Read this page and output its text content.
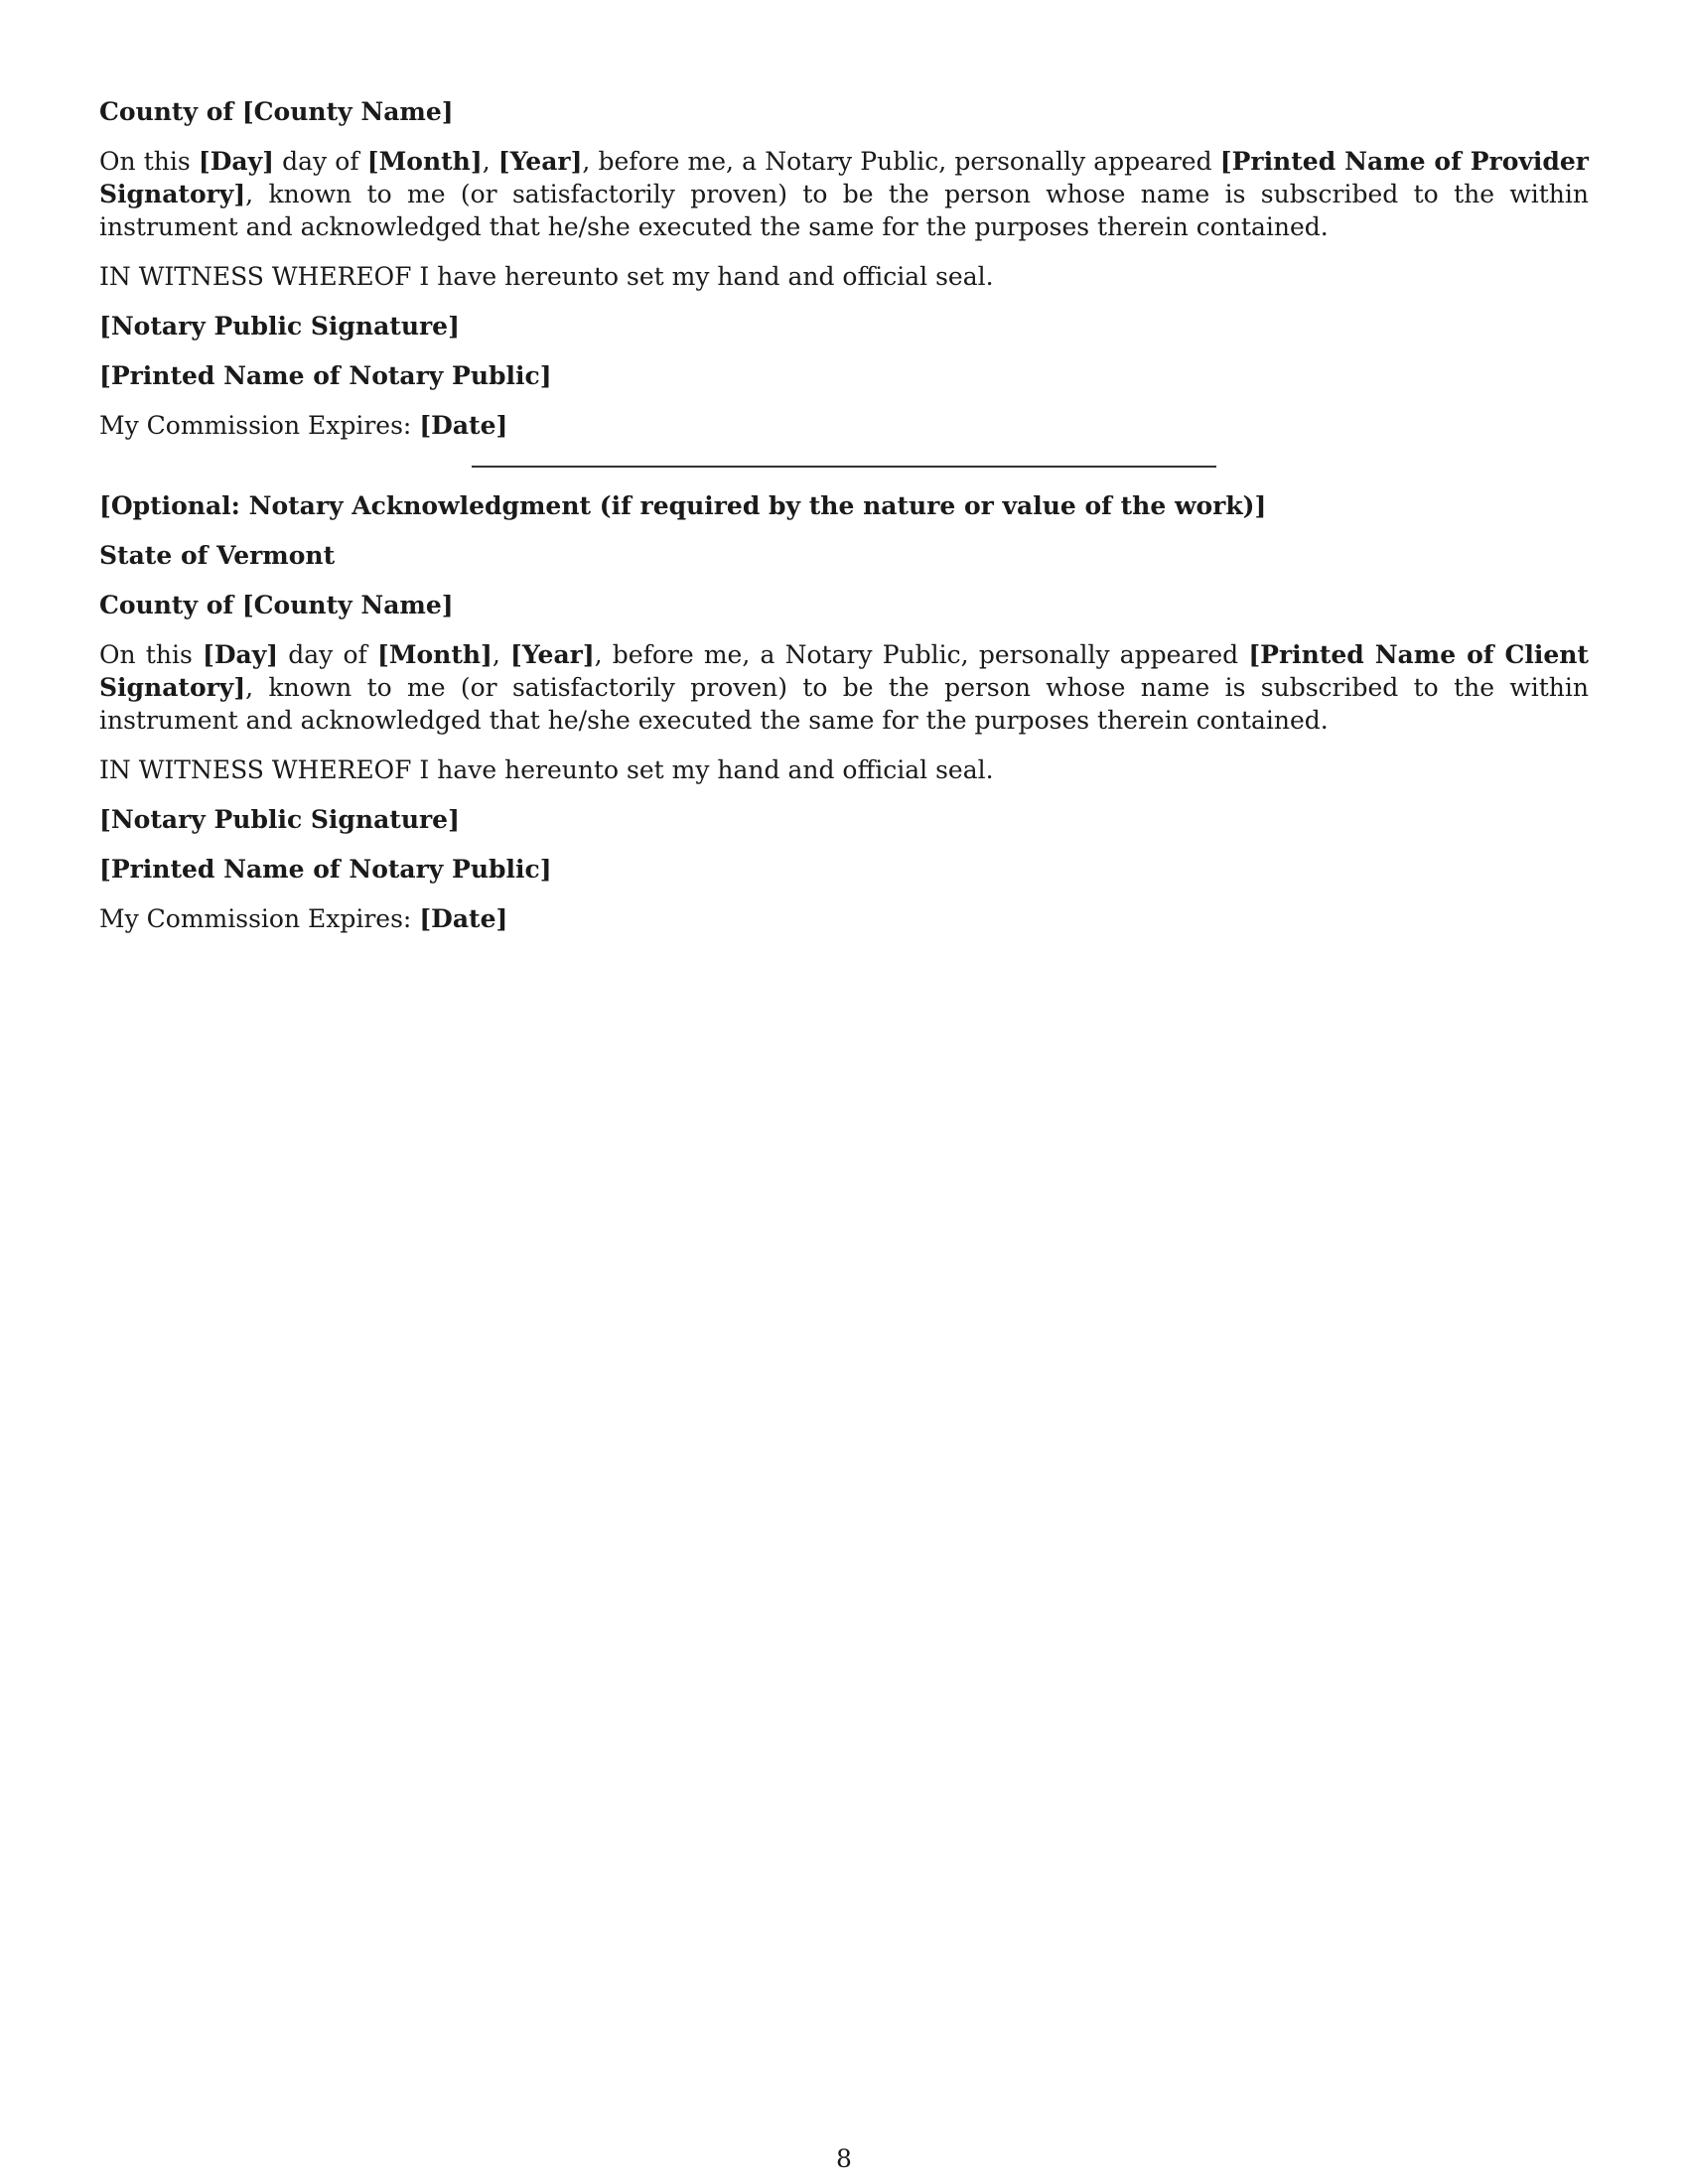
County of [County Name]

On this [Day] day of [Month], [Year], before me, a Notary Public, personally appeared [Printed Name of Provider Signatory], known to me (or satisfactorily proven) to be the person whose name is subscribed to the within instrument and acknowledged that he/she executed the same for the purposes therein contained.

IN WITNESS WHEREOF I have hereunto set my hand and official seal.

[Notary Public Signature]
[Printed Name of Notary Public]

My Commission Expires: [Date]

[Optional: Notary Acknowledgment (if required by the nature or value of the work)]
State of Vermont
County of [County Name]

On this [Day] day of [Month], [Year], before me, a Notary Public, personally appeared [Printed Name of Client Signatory], known to me (or satisfactorily proven) to be the person whose name is subscribed to the within instrument and acknowledged that he/she executed the same for the purposes therein contained.

IN WITNESS WHEREOF I have hereunto set my hand and official seal.

[Notary Public Signature]
[Printed Name of Notary Public]

My Commission Expires: [Date]

8
